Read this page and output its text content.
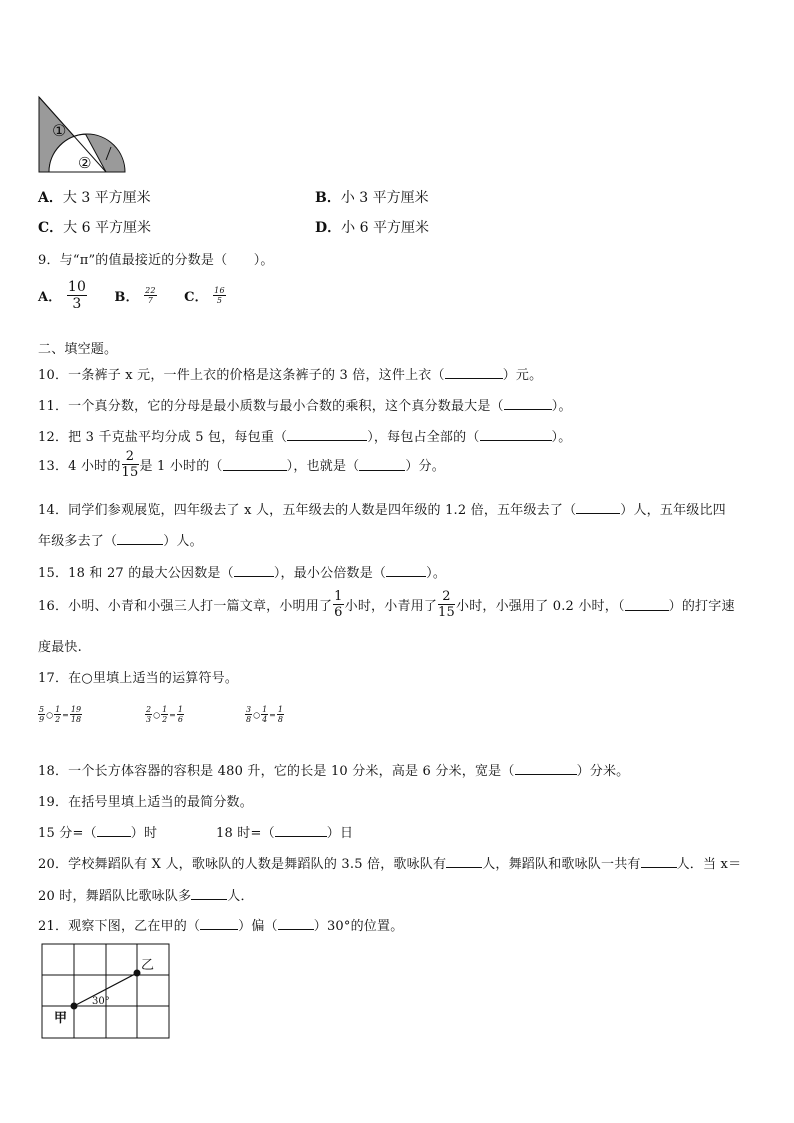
①
②
A．大 3 平方厘米	B．小 3 平方厘米
C．大 6 平方厘米	D．小 6 平方厘米
9．与“π”的值最接近的分数是（　　）。
A． $\frac{10}{3}$ B． $\frac{22}{7}$ C． $\frac{16}{5}$
二、填空题。
10．一条裤子 x 元，一件上衣的价格是这条裤子的 3 倍，这件上衣（	）元。
11．一个真分数，它的分母是最小质数与最小合数的乘积，这个真分数最大是（	）。
12．把 3 千克盐平均分成 5 包，每包重（	），每包占全部的（	）。
13．4 小时的 $\frac{2}{15}$ 是 1 小时的（	），也就是（	）分。
14．同学们参观展览，四年级去了 x 人，五年级去的人数是四年级的 1.2 倍，五年级去了（	）人，五年级比四
年级多去了（	）人。
15．18 和 27 的最大公因数是（	），最小公倍数是（	）。
16．小明、小青和小强三人打一篇文章，小明用了 $\frac{1}{6}$ 小时，小青用了 $\frac{2}{15}$ 小时，小强用了 0.2 小时，（	）的打字速
度最快.
17．在○里填上适当的运算符号。
$\frac{5}{9}$ ○ $\frac{1}{2} = \frac{19}{18}$	$\frac{2}{3}$ ○ $\frac{1}{2} = \frac{1}{6}$	$\frac{3}{8}$ ○ $\frac{1}{4} = \frac{1}{8}$
18．一个长方体容器的容积是 480 升，它的长是 10 分米，高是 6 分米，宽是（	）分米。
19．在括号里填上适当的最简分数。
15 分=（	）时	18 时=（	）日
20．学校舞蹈队有 X 人，歌咏队的人数是舞蹈队的 3.5 倍，歌咏队有	人，舞蹈队和歌咏队一共有	人．当 x＝
20 时，舞蹈队比歌咏队多	人．
21．观察下图，乙在甲的（	）偏（	）30°的位置。
甲
乙
30°
